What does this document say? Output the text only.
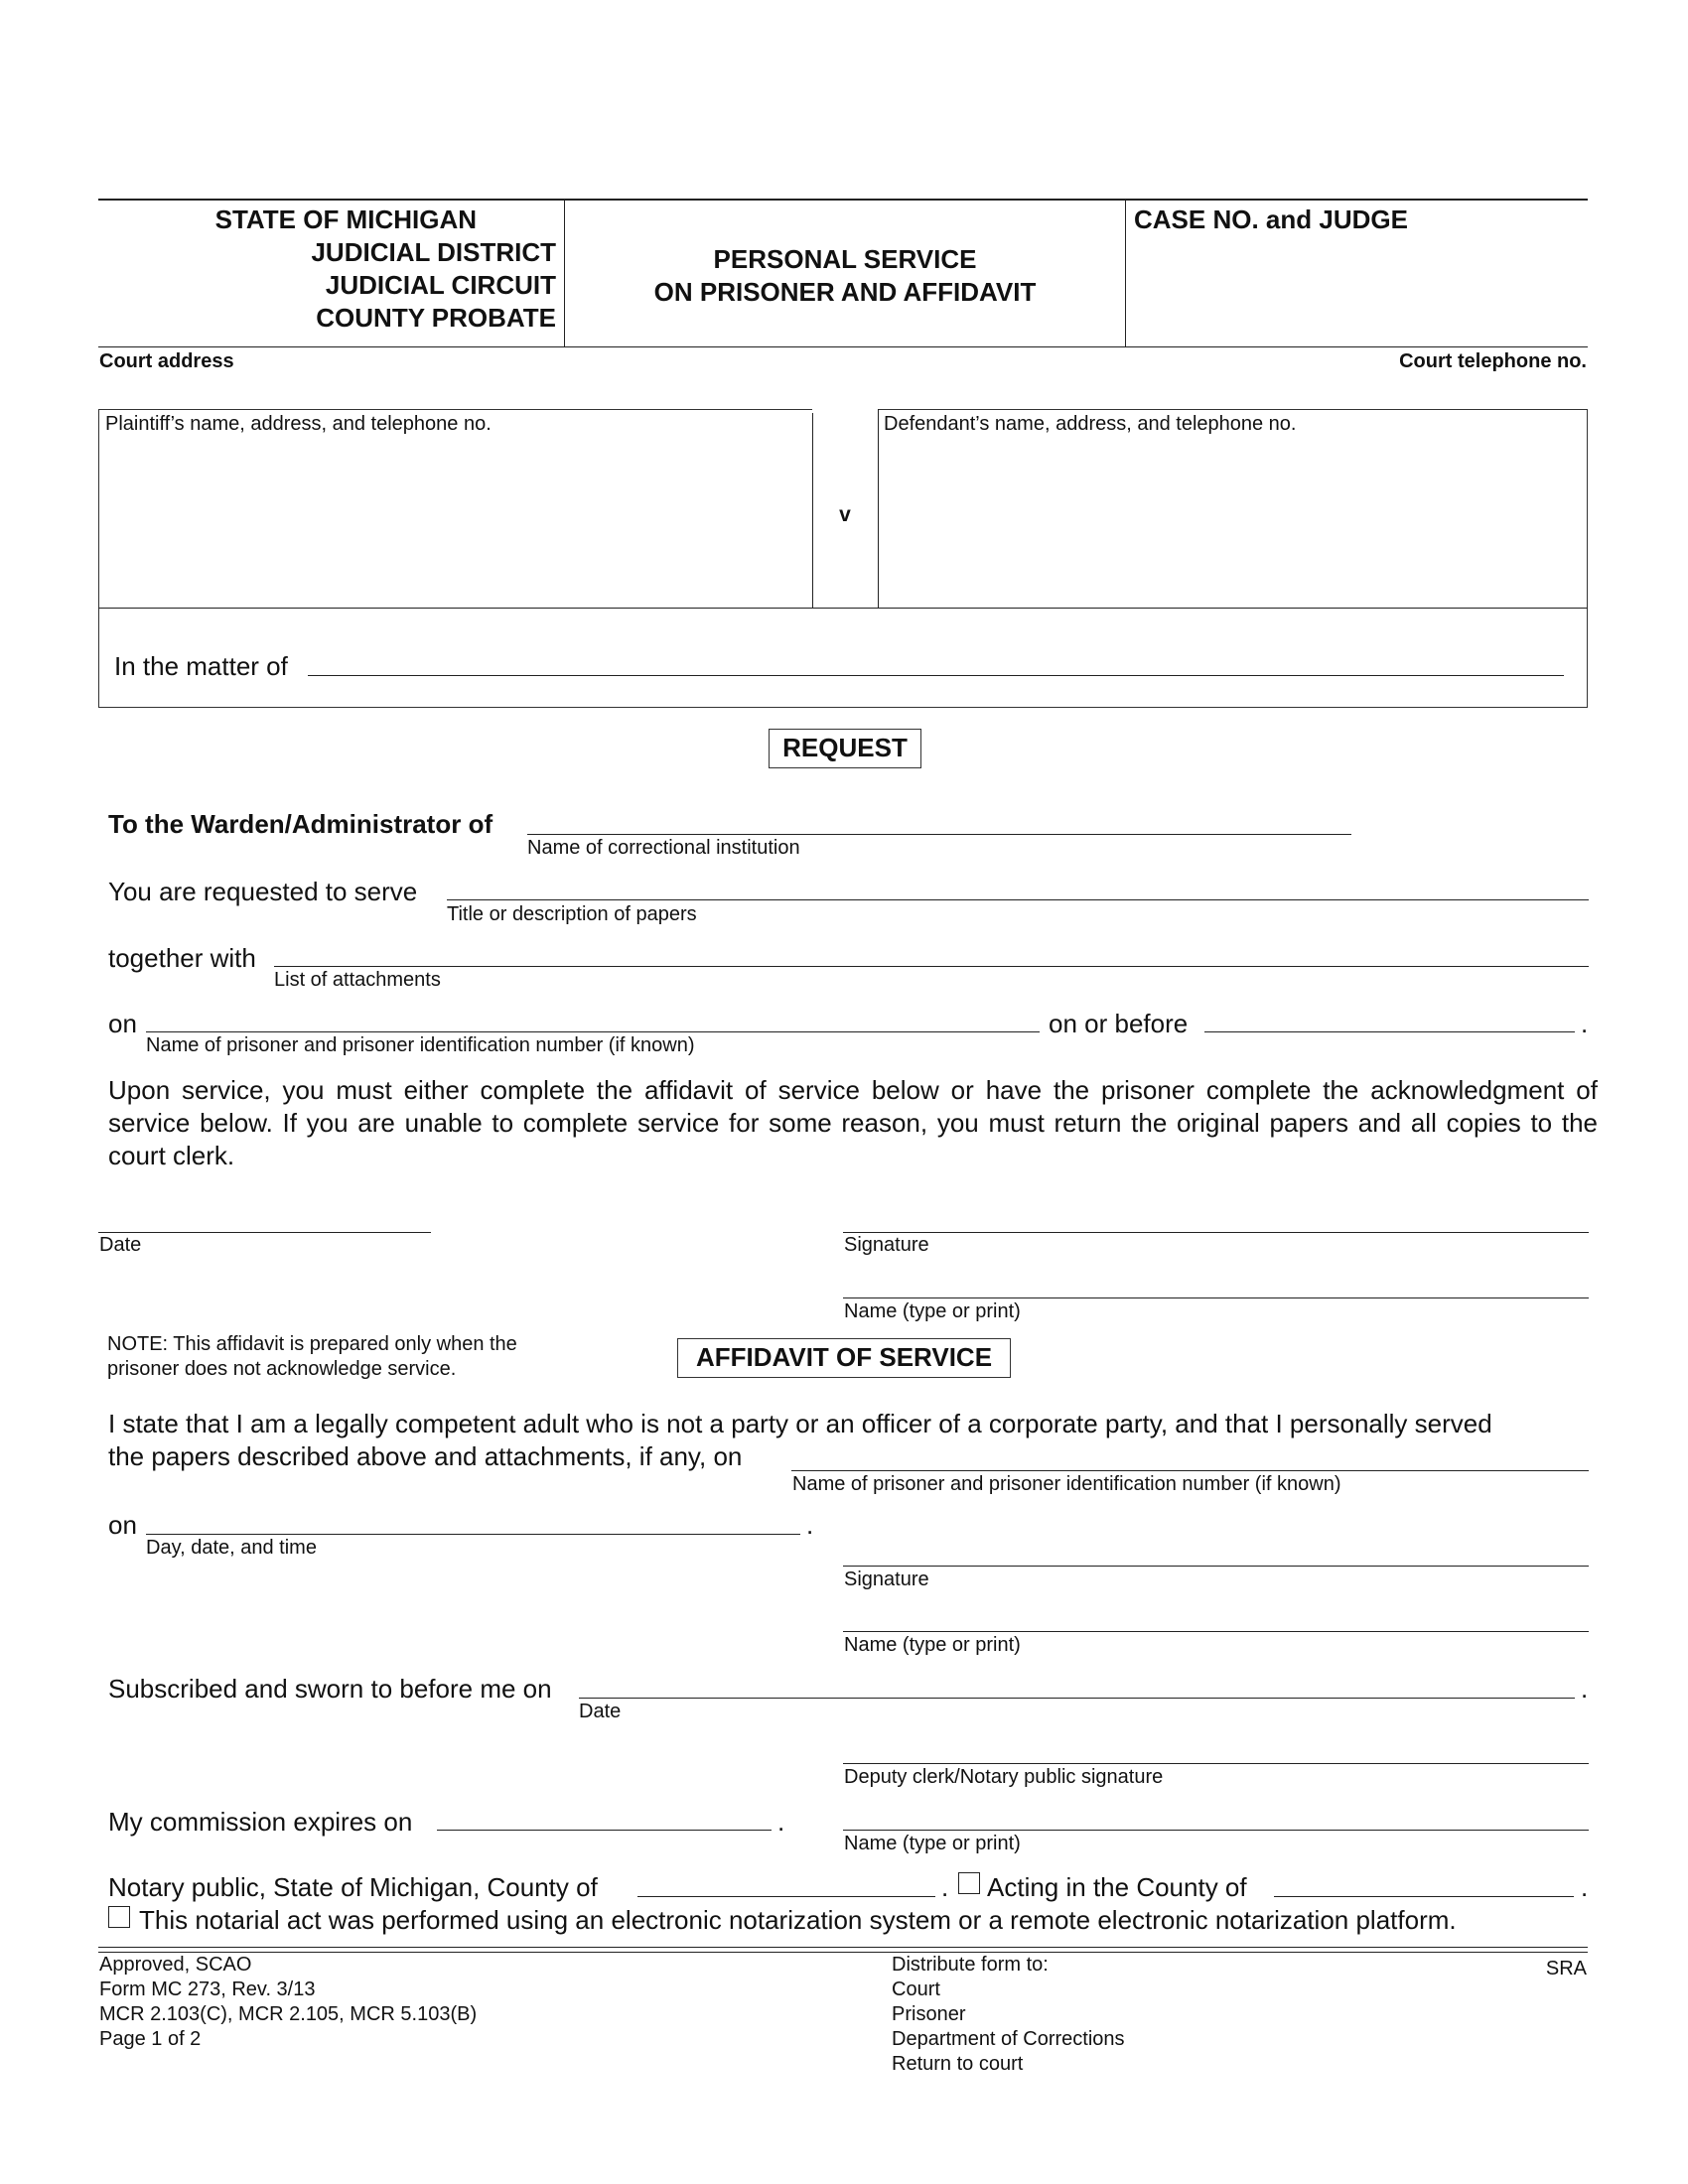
STATE OF MICHIGAN
JUDICIAL DISTRICT
JUDICIAL CIRCUIT
COUNTY PROBATE
PERSONAL SERVICE
ON PRISONER AND AFFIDAVIT
CASE NO. and JUDGE
Court address	Court telephone no.
Plaintiff’s name, address, and telephone no.
v
Defendant’s name, address, and telephone no.
In the matter of
REQUEST
To the Warden/Administrator of
Name of correctional institution
You are requested to serve
Title or description of papers
together with
List of attachments
on
Name of prisoner and prisoner identification number (if known)
on or before	.
Upon service, you must either complete the affidavit of service below or have the prisoner complete the acknowledgment of service below. If you are unable to complete service for some reason, you must return the original papers and all copies to the court clerk.
Date	Signature
Name (type or print)
NOTE: This affidavit is prepared only when the
prisoner does not acknowledge service.	AFFIDAVIT OF SERVICE
I state that I am a legally competent adult who is not a party or an officer of a corporate party, and that I personally served
the papers described above and attachments, if any, on
Name of prisoner and prisoner identification number (if known)
on
Day, date, and time
.
Signature
Name (type or print)
Subscribed and sworn to before me on
Date
.
Deputy clerk/Notary public signature
My commission expires on	.
Name (type or print)
Notary public, State of Michigan, County of	. Acting in the County of	.
This notarial act was performed using an electronic notarization system or a remote electronic notarization platform.
Approved, SCAO
Form MC 273, Rev. 3/13
MCR 2.103(C), MCR 2.105, MCR 5.103(B)
Page 1 of 2
Distribute form to:
Court
Prisoner
Department of Corrections
Return to court
SRA
